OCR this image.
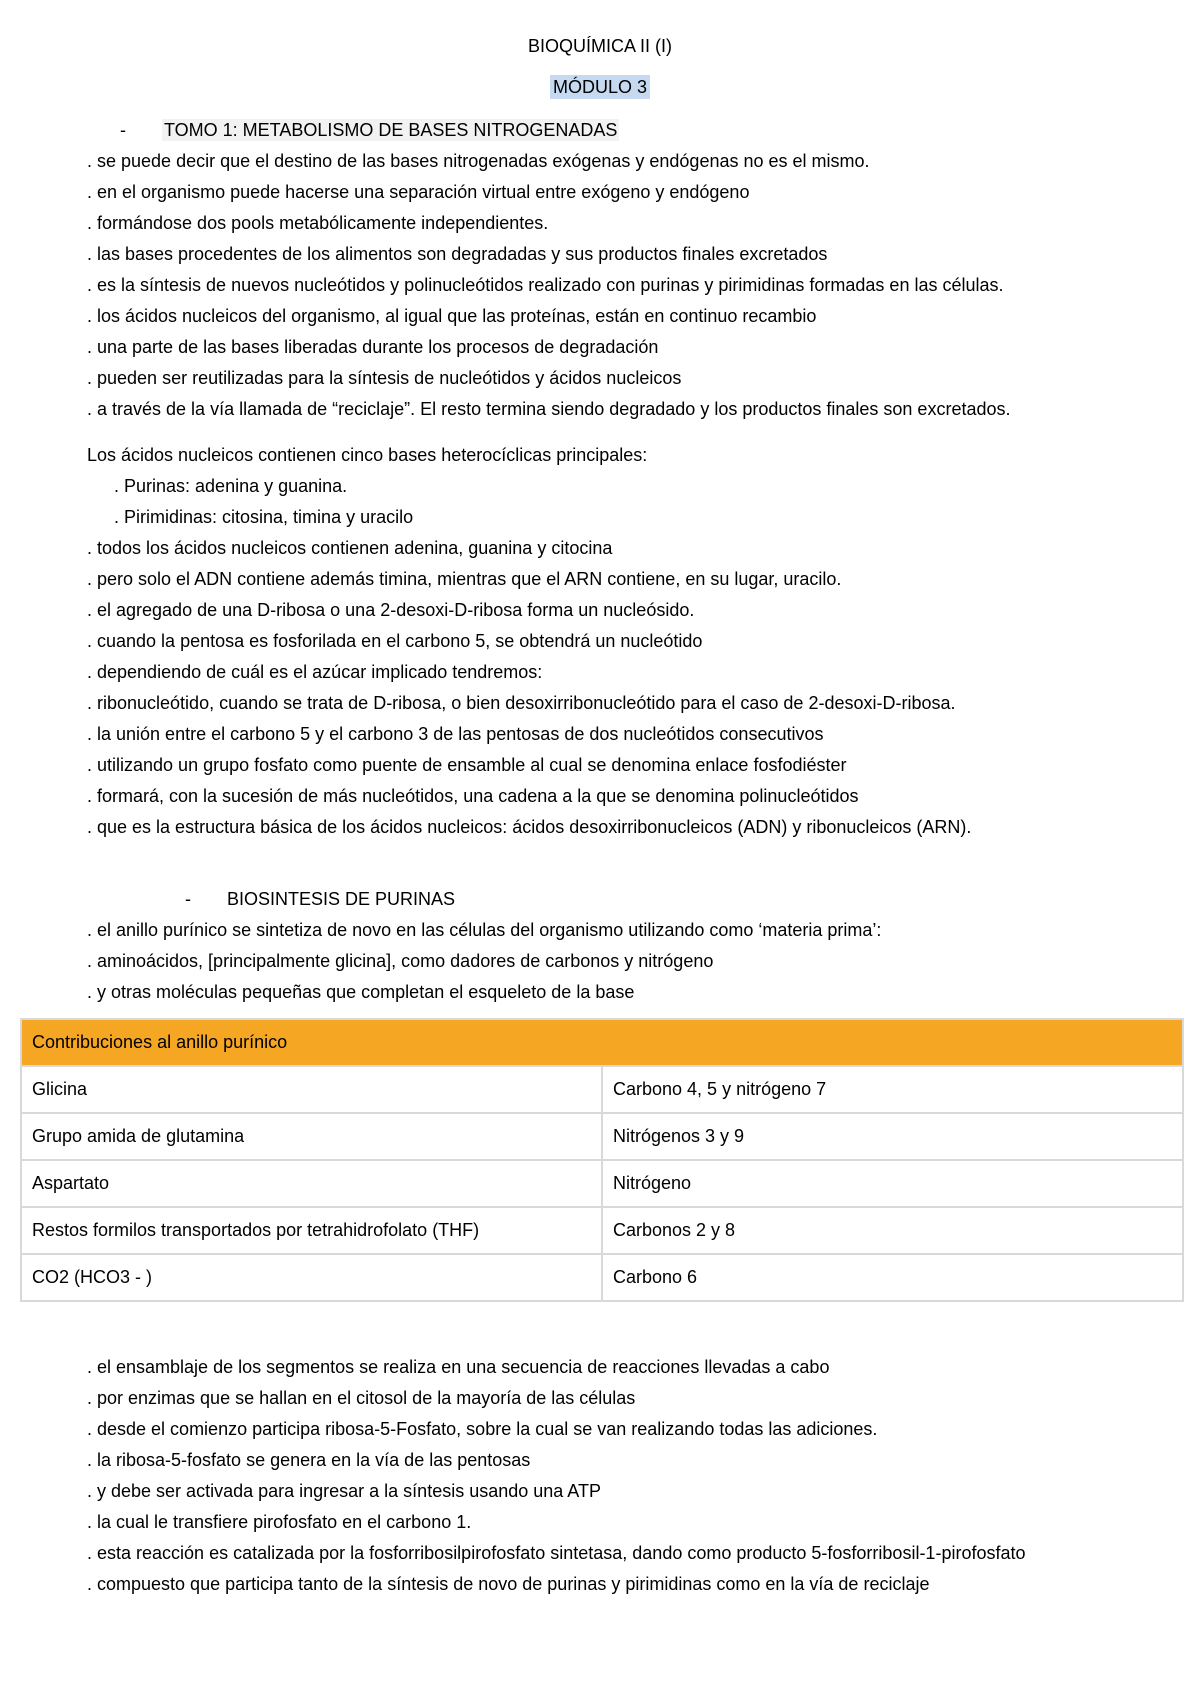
BIOQUÍMICA II (I)
MÓDULO 3
- TOMO 1: METABOLISMO DE BASES NITROGENADAS
. se puede decir que el destino de las bases nitrogenadas exógenas y endógenas no es el mismo.
. en el organismo puede hacerse una separación virtual entre exógeno y endógeno
. formándose dos pools metabólicamente independientes.
. las bases procedentes de los alimentos son degradadas y sus productos finales excretados
. es la síntesis de nuevos nucleótidos y polinucleótidos realizado con purinas y pirimidinas formadas en las células.
. los ácidos nucleicos del organismo, al igual que las proteínas, están en continuo recambio
. una parte de las bases liberadas durante los procesos de degradación
. pueden ser reutilizadas para la síntesis de nucleótidos y ácidos nucleicos
. a través de la vía llamada de “reciclaje”. El resto termina siendo degradado y los productos finales son excretados.
Los ácidos nucleicos contienen cinco bases heterocíclicas principales:
. Purinas: adenina y guanina.
. Pirimidinas: citosina, timina y uracilo
. todos los ácidos nucleicos contienen adenina, guanina y citocina
. pero solo el ADN contiene además timina, mientras que el ARN contiene, en su lugar, uracilo.
. el agregado de una D-ribosa o una 2-desoxi-D-ribosa forma un nucleósido.
. cuando la pentosa es fosforilada en el carbono 5, se obtendrá un nucleótido
. dependiendo de cuál es el azúcar implicado tendremos:
. ribonucleótido, cuando se trata de D-ribosa, o bien desoxirribonucleótido para el caso de 2-desoxi-D-ribosa.
. la unión entre el carbono 5 y el carbono 3 de las pentosas de dos nucleótidos consecutivos
. utilizando un grupo fosfato como puente de ensamble al cual se denomina enlace fosfodiéster
. formará, con la sucesión de más nucleótidos, una cadena a la que se denomina polinucleótidos
. que es la estructura básica de los ácidos nucleicos: ácidos desoxirribonucleicos (ADN) y ribonucleicos (ARN).
- BIOSINTESIS DE PURINAS
. el anillo purínico se sintetiza de novo en las células del organismo utilizando como ‘materia prima’:
. aminoácidos, [principalmente glicina], como dadores de carbonos y nitrógeno
. y otras moléculas pequeñas que completan el esqueleto de la base
Contribuciones al anillo purínico	
Glicina	Carbono 4, 5 y nitrógeno 7
Grupo amida de glutamina	Nitrógenos 3 y 9
Aspartato	Nitrógeno
Restos formilos transportados por tetrahidrofolato (THF)	Carbonos 2 y 8
CO2 (HCO3 - )	Carbono 6
. el ensamblaje de los segmentos se realiza en una secuencia de reacciones llevadas a cabo
. por enzimas que se hallan en el citosol de la mayoría de las células
. desde el comienzo participa ribosa-5-Fosfato, sobre la cual se van realizando todas las adiciones.
. la ribosa-5-fosfato se genera en la vía de las pentosas
. y debe ser activada para ingresar a la síntesis usando una ATP
. la cual le transfiere pirofosfato en el carbono 1.
. esta reacción es catalizada por la fosforribosilpirofosfato sintetasa, dando como producto 5-fosforribosil-1-pirofosfato
. compuesto que participa tanto de la síntesis de novo de purinas y pirimidinas como en la vía de reciclaje
